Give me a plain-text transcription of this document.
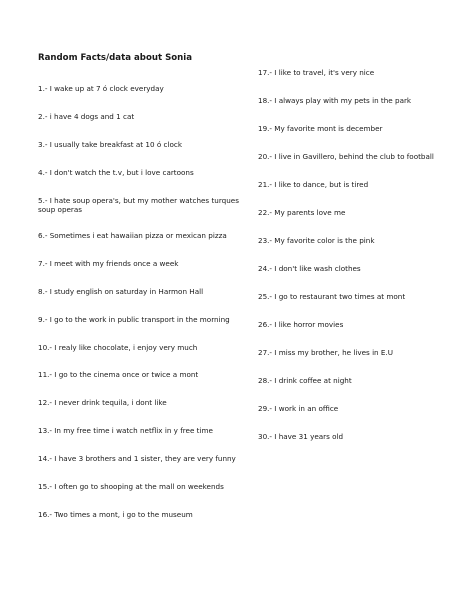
Random Facts/data about Sonia
1.- I wake up at 7 ó clock everyday
2.- i have 4 dogs and 1 cat
3.- I usually take breakfast at 10 ó clock
4.- I don't watch the t.v, but i love cartoons
5.- I hate soup opera's, but my mother watches turques soup operas
6.- Sometimes i eat hawaiian pizza or mexican pizza
7.- I meet with my friends once a week
8.- I study english on saturday in Harmon Hall
9.- I go to the work in public transport in the morning
10.- I realy like chocolate, i enjoy very much
11.- I go to the cinema once or twice a mont
12.- I never drink tequila, i dont like
13.- In my free time i watch netflix in y free time
14.- I have 3 brothers and 1 sister, they are very funny
15.- I often go to shooping at the mall on weekends
16.- Two times a mont, i go to the museum
17.- I like to travel, it's very nice
18.- I always play with my pets in the park
19.- My favorite mont is december
20.- I live in Gavillero, behind the club to football
21.- I like to dance, but is tired
22.- My parents love me
23.- My favorite color is the pink
24.- I don't like wash clothes
25.- I go to restaurant two times at mont
26.- I like horror movies
27.- I miss my brother, he lives in E.U
28.- I drink coffee at night
29.- I work in an office
30.- I have 31 years old
